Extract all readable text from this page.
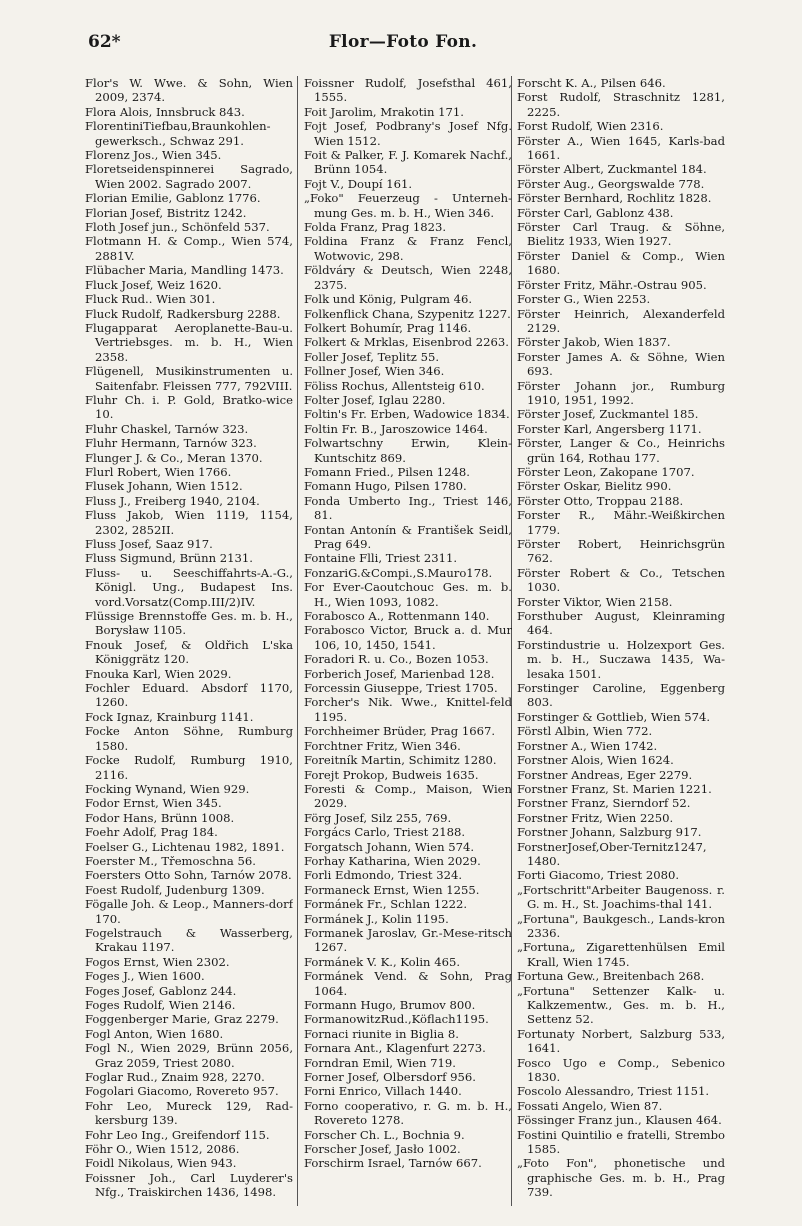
62*	Flor—Foto Fon.

Flor's W. Wwe. & Sohn, Wien 2009, 2374.

Flora Alois, Innsbruck 843.

FlorentiniTiefbau,Braunkohlen-gewerksch., Schwaz 291.

Florenz Jos., Wien 345.

Floretseidenspinnerei Sagrado, Wien 2002. Sagrado 2007.

Florian Emilie, Gablonz 1776.

Florian Josef, Bistritz 1242.

Floth Josef jun., Schönfeld 537.

Flotmann H. & Comp., Wien 574, 2881V.

Flübacher Maria, Mandling 1473.

Fluck Josef, Weiz 1620.

Fluck Rud.. Wien 301.

Fluck Rudolf, Radkersburg 2288.

Flugapparat Aeroplanette-Bau-u. Vertriebsges. m. b. H., Wien 2358.

Flügenell, Musikinstrumenten u. Saitenfabr. Fleissen 777, 792VIII.

Fluhr Ch. i. P. Gold, Bratko-wice 10.

Fluhr Chaskel, Tarnów 323.

Fluhr Hermann, Tarnów 323.

Flunger J. & Co., Meran 1370.

Flurl Robert, Wien 1766.

Flusek Johann, Wien 1512.

Fluss J., Freiberg 1940, 2104.

Fluss Jakob, Wien 1119, 1154, 2302, 2852II.

Fluss Josef, Saaz 917.

Fluss Sigmund, Brünn 2131.

Fluss- u. Seeschiffahrts-A.-G., Königl. Ung., Budapest Ins. vord.Vorsatz(Comp.III/2)IV.

Flüssige Brennstoffe Ges. m. b. H., Borysław 1105.

Fnouk Josef, & Oldřich L'ska Königgrätz 120.

Fnouka Karl, Wien 2029.

Fochler Eduard. Absdorf 1170, 1260.

Fock Ignaz, Krainburg 1141.

Focke Anton Söhne, Rumburg 1580.

Focke Rudolf, Rumburg 1910, 2116.

Focking Wynand, Wien 929.

Fodor Ernst, Wien 345.

Fodor Hans, Brünn 1008.

Foehr Adolf, Prag 184.

Foelser G., Lichtenau 1982, 1891.

Foerster M., Třemoschna 56.

Foersters Otto Sohn, Tarnów 2078.

Foest Rudolf, Judenburg 1309.

Fögalle Joh. & Leop., Manners-dorf 170.

Fogelstrauch & Wasserberg, Krakau 1197.

Fogos Ernst, Wien 2302.

Foges J., Wien 1600.

Foges Josef, Gablonz 244.

Foges Rudolf, Wien 2146.

Foggenberger Marie, Graz 2279.

Fogl Anton, Wien 1680.

Fogl N., Wien 2029, Brünn 2056, Graz 2059, Triest 2080.

Foglar Rud., Znaim 928, 2270.

Fogolari Giacomo, Rovereto 957.

Fohr Leo, Mureck 129, Rad-kersburg 139.

Fohr Leo Ing., Greifendorf 115.

Föhr O., Wien 1512, 2086.

Foidl Nikolaus, Wien 943.

Foissner Joh., Carl Luyderer's Nfg., Traiskirchen 1436, 1498.

Foissner Rudolf, Josefsthal 461, 1555.

Foit Jarolim, Mrakotin 171.

Fojt Josef, Podbrany's Josef Nfg. Wien 1512.

Foit & Palker, F. J. Komarek Nachf., Brünn 1054.

Fojt V., Doupí 161.

„Foko" Feuerzeug - Unterneh-mung Ges. m. b. H., Wien 346.

Folda Franz, Prag 1823.

Foldina Franz & Franz Fencl, Wotwovic, 298.

Földváry & Deutsch, Wien 2248, 2375.

Folk und König, Pulgram 46.

Folkenflick Chana, Szypenitz 1227.

Folkert Bohumír, Prag 1146.

Folkert & Mrklas, Eisenbrod 2263.

Foller Josef, Teplitz 55.

Follner Josef, Wien 346.

Föliss Rochus, Allentsteig 610.

Folter Josef, Iglau 2280.

Foltin's Fr. Erben, Wadowice 1834.

Foltin Fr. B., Jaroszowice 1464.

Folwartschny Erwin, Klein-Kuntschitz 869.

Fomann Fried., Pilsen 1248.

Fomann Hugo, Pilsen 1780.

Fonda Umberto Ing., Triest 146, 81.

Fontan Antonín & František Seidl, Prag 649.

Fontaine Flli, Triest 2311.

FonzariG.&Compi.,S.Mauro178.

For Ever-Caoutchouc Ges. m. b. H., Wien 1093, 1082.

Forabosco A., Rottenmann 140.

Forabosco Victor, Bruck a. d. Mur 106, 10, 1450, 1541.

Foradori R. u. Co., Bozen 1053.

Forberich Josef, Marienbad 128.

Forcessin Giuseppe, Triest 1705.

Forcher's Nik. Wwe., Knittel-feld 1195.

Forchheimer Brüder, Prag 1667.

Forchtner Fritz, Wien 346.

Foreitník Martin, Schimitz 1280.

Forejt Prokop, Budweis 1635.

Foresti & Comp., Maison, Wien 2029.

Förg Josef, Silz 255, 769.

Forgács Carlo, Triest 2188.

Forgatsch Johann, Wien 574.

Forhay Katharina, Wien 2029.

Forli Edmondo, Triest 324.

Formaneck Ernst, Wien 1255.

Formánek Fr., Schlan 1222.

Formánek J., Kolin 1195.

Formanek Jaroslav, Gr.-Mese-ritsch 1267.

Formánek V. K., Kolin 465.

Formánek Vend. & Sohn, Prag 1064.

Formann Hugo, Brumov 800.

FormanowitzRud.,Köflach1195.

Fornaci riunite in Biglia 8.

Fornara Ant., Klagenfurt 2273.

Forndran Emil, Wien 719.

Forner Josef, Olbersdorf 956.

Forni Enrico, Villach 1440.

Forno cooperativo, r. G. m. b. H., Rovereto 1278.

Forscher Ch. L., Bochnia 9.

Forscher Josef, Jasło 1002.

Forschirm Israel, Tarnów 667.

Forscht K. A., Pilsen 646.

Forst Rudolf, Straschnitz 1281, 2225.

Forst Rudolf, Wien 2316.

Förster A., Wien 1645, Karls-bad 1661.

Förster Albert, Zuckmantel 184.

Förster Aug., Georgswalde 778.

Förster Bernhard, Rochlitz 1828.

Förster Carl, Gablonz 438.

Förster Carl Traug. & Söhne, Bielitz 1933, Wien 1927.

Förster Daniel & Comp., Wien 1680.

Förster Fritz, Mähr.-Ostrau 905.

Forster G., Wien 2253.

Förster Heinrich, Alexanderfeld 2129.

Förster Jakob, Wien 1837.

Forster James A. & Söhne, Wien 693.

Förster Johann jor., Rumburg 1910, 1951, 1992.

Förster Josef, Zuckmantel 185.

Forster Karl, Angersberg 1171.

Förster, Langer & Co., Heinrichs grün 164, Rothau 177.

Förster Leon, Zakopane 1707.

Förster Oskar, Bielitz 990.

Förster Otto, Troppau 2188.

Forster R., Mähr.-Weißkirchen 1779.

Förster Robert, Heinrichsgrün 762.

Förster Robert & Co., Tetschen 1030.

Forster Viktor, Wien 2158.

Forsthuber August, Kleinraming 464.

Forstindustrie u. Holzexport Ges. m. b. H., Suczawa 1435, Wa-lesaka 1501.

Forstinger Caroline, Eggenberg 803.

Forstinger & Gottlieb, Wien 574.

Förstl Albin, Wien 772.

Forstner A., Wien 1742.

Forstner Alois, Wien 1624.

Forstner Andreas, Eger 2279.

Forstner Franz, St. Marien 1221.

Forstner Franz, Sierndorf 52.

Forstner Fritz, Wien 2250.

Forstner Johann, Salzburg 917.

ForstnerJosef,Ober-Ternitz1247, 1480.

Forti Giacomo, Triest 2080.

„Fortschritt"Arbeiter Baugenoss. r. G. m. H., St. Joachims-thal 141.

„Fortuna", Baukgesch., Lands-kron 2336.

„Fortuna„ Zigarettenhülsen Emil Krall, Wien 1745.

Fortuna Gew., Breitenbach 268.

„Fortuna" Settenzer Kalk- u. Kalkzementw., Ges. m. b. H., Settenz 52.

Fortunaty Norbert, Salzburg 533, 1641.

Fosco Ugo e Comp., Sebenico 1830.

Foscolo Alessandro, Triest 1151.

Fossati Angelo, Wien 87.

Fössinger Franz jun., Klausen 464.

Fostini Quintilio e fratelli, Strembo 1585.

„Foto Fon", phonetische und graphische Ges. m. b. H., Prag 739.
